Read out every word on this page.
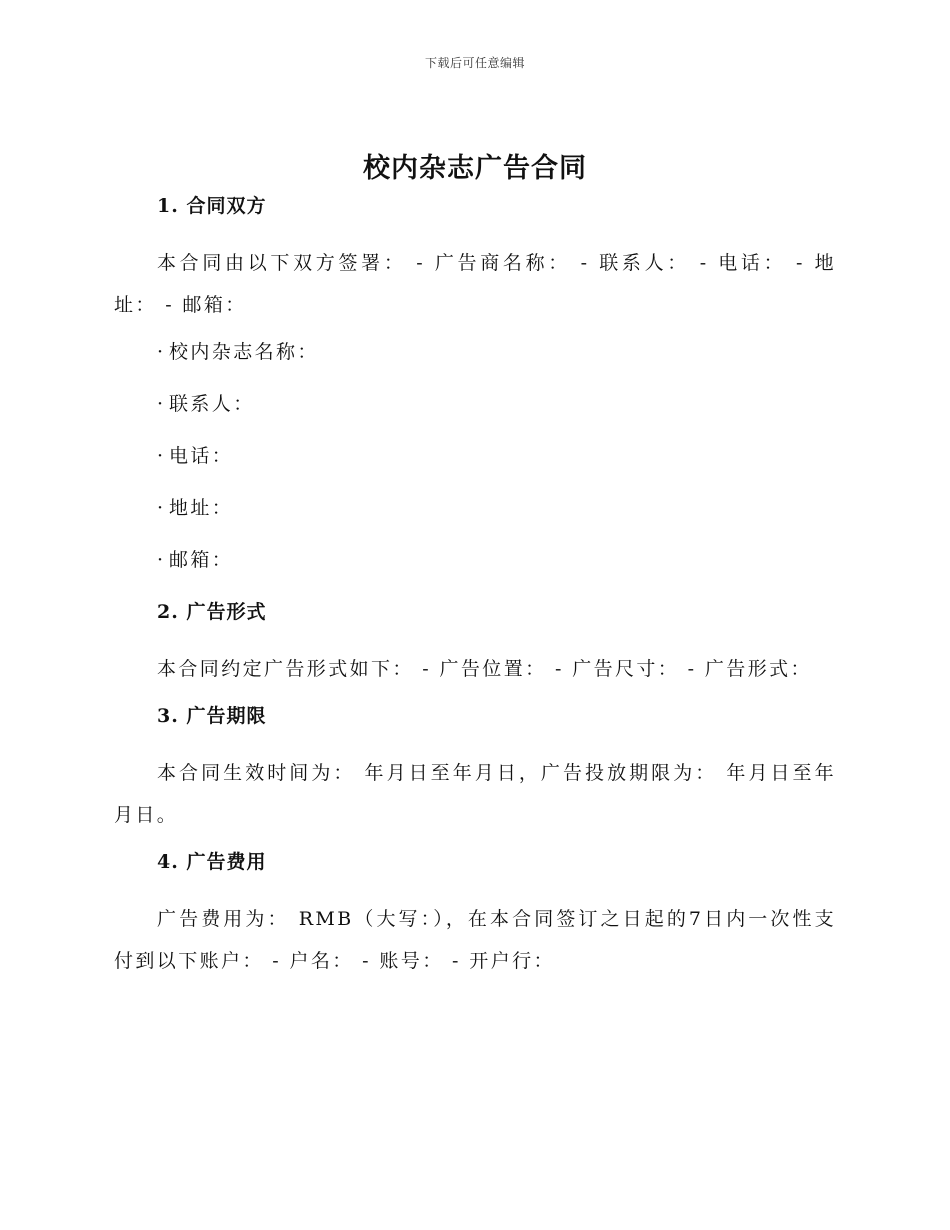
下载后可任意编辑
校内杂志广告合同
1. 合同双方

本合同由以下双方签署： - 广告商名称： - 联系人： - 电话： - 地址： - 邮箱：

· 校内杂志名称：
· 联系人：
· 电话：
· 地址：
· 邮箱：
2. 广告形式

本合同约定广告形式如下： - 广告位置： - 广告尺寸： - 广告形式：

3. 广告期限

本合同生效时间为： 年月日至年月日，广告投放期限为： 年月日至年月日。

4. 广告费用

广告费用为： RMB（大写：），在本合同签订之日起的7日内一次性支付到以下账户： - 户名： - 账号： - 开户行：
